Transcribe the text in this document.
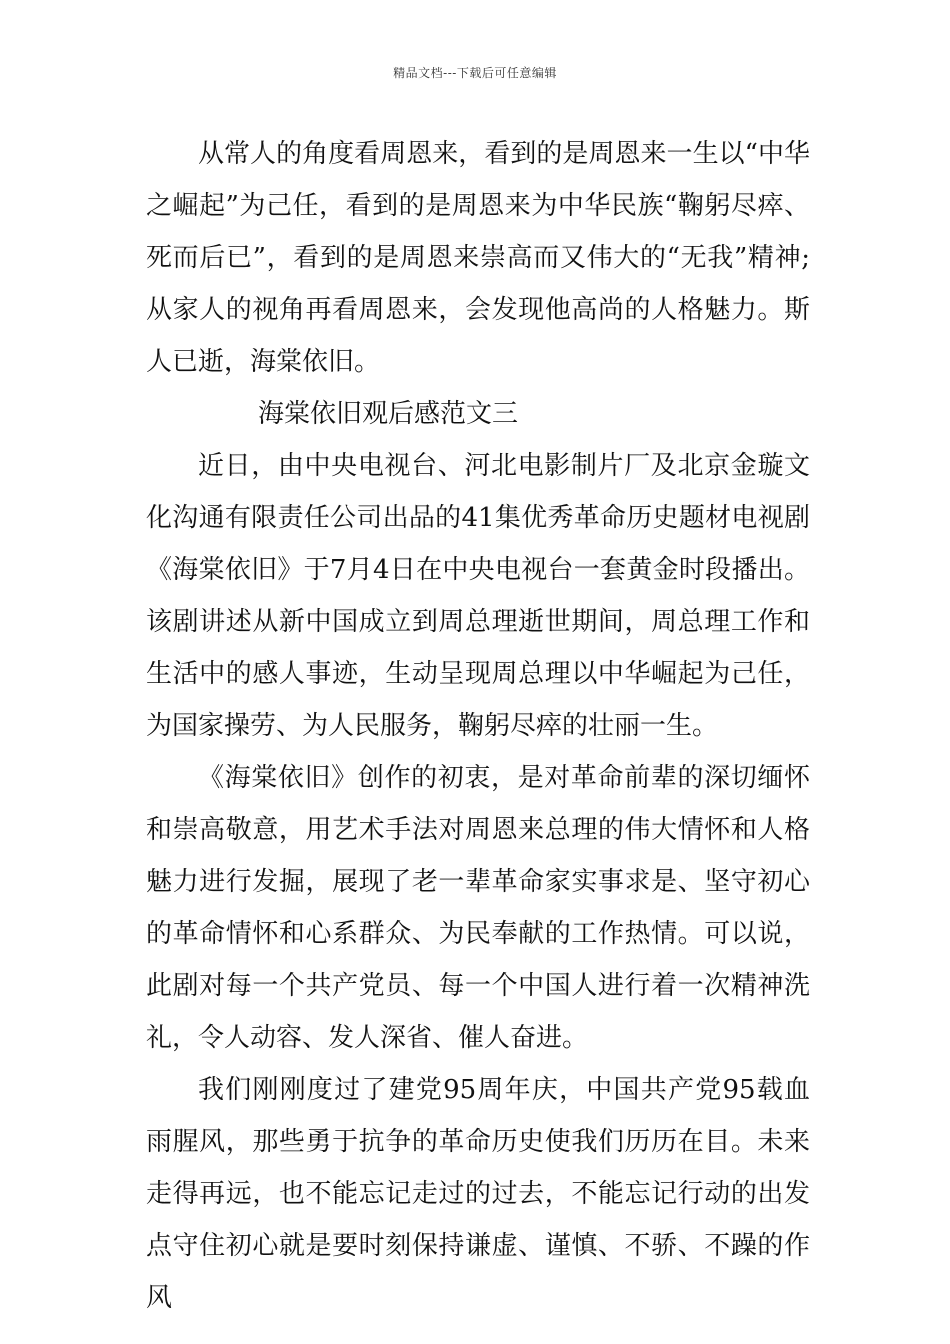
精品文档---下载后可任意编辑

从常人的角度看周恩来，看到的是周恩来一生以“中华之崛起”为己任，看到的是周恩来为中华民族“鞠躬尽瘁、死而后已”，看到的是周恩来崇高而又伟大的“无我”精神;从家人的视角再看周恩来，会发现他高尚的人格魅力。斯人已逝，海棠依旧。

海棠依旧观后感范文三

近日，由中央电视台、河北电影制片厂及北京金璇文化沟通有限责任公司出品的41集优秀革命历史题材电视剧《海棠依旧》于7月4日在中央电视台一套黄金时段播出。该剧讲述从新中国成立到周总理逝世期间，周总理工作和生活中的感人事迹，生动呈现周总理以中华崛起为己任，为国家操劳、为人民服务，鞠躬尽瘁的壮丽一生。

《海棠依旧》创作的初衷，是对革命前辈的深切缅怀和崇高敬意，用艺术手法对周恩来总理的伟大情怀和人格魅力进行发掘，展现了老一辈革命家实事求是、坚守初心的革命情怀和心系群众、为民奉献的工作热情。可以说，此剧对每一个共产党员、每一个中国人进行着一次精神洗礼，令人动容、发人深省、催人奋进。

我们刚刚度过了建党95周年庆，中国共产党95载血雨腥风，那些勇于抗争的革命历史使我们历历在目。未来走得再远，也不能忘记走过的过去，不能忘记行动的出发点守住初心就是要时刻保持谦虚、谨慎、不骄、不躁的作风
